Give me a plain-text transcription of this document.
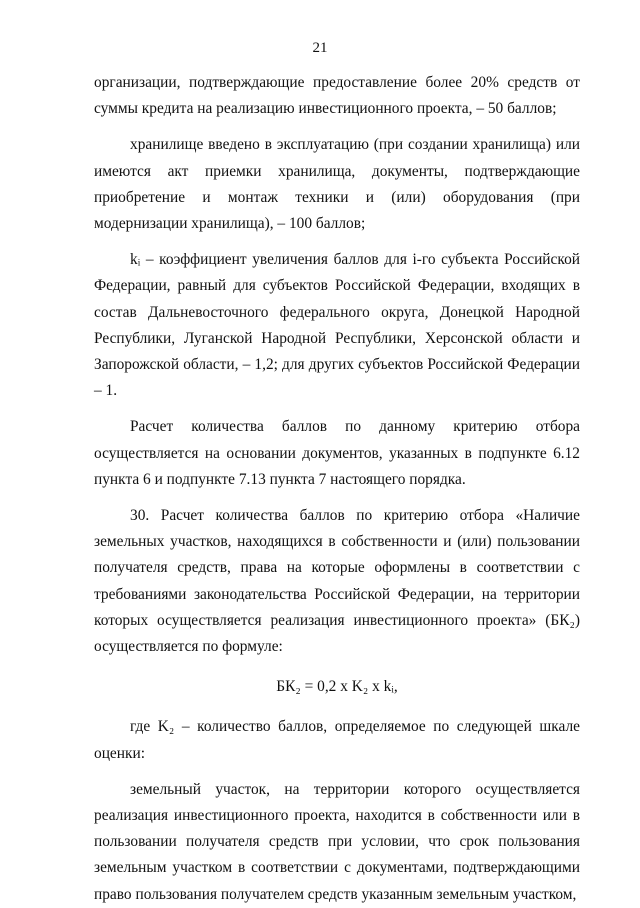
21

организации, подтверждающие предоставление более 20% средств от суммы кредита на реализацию инвестиционного проекта, – 50 баллов;

хранилище введено в эксплуатацию (при создании хранилища) или имеются акт приемки хранилища, документы, подтверждающие приобретение и монтаж техники и (или) оборудования (при модернизации хранилища), – 100 баллов;

kᵢ – коэффициент увеличения баллов для i-го субъекта Российской Федерации, равный для субъектов Российской Федерации, входящих в состав Дальневосточного федерального округа, Донецкой Народной Республики, Луганской Народной Республики, Херсонской области и Запорожской области, – 1,2; для других субъектов Российской Федерации – 1.

Расчет количества баллов по данному критерию отбора осуществляется на основании документов, указанных в подпункте 6.12 пункта 6 и подпункте 7.13 пункта 7 настоящего порядка.

30. Расчет количества баллов по критерию отбора «Наличие земельных участков, находящихся в собственности и (или) пользовании получателя средств, права на которые оформлены в соответствии с требованиями законодательства Российской Федерации, на территории которых осуществляется реализация инвестиционного проекта» (БК₂) осуществляется по формуле:

БК₂ = 0,2 x K₂ x kᵢ,

где K₂ – количество баллов, определяемое по следующей шкале оценки:

земельный участок, на территории которого осуществляется реализация инвестиционного проекта, находится в собственности или в пользовании получателя средств при условии, что срок пользования земельным участком в соответствии с документами, подтверждающими право пользования получателем средств указанным земельным участком,
